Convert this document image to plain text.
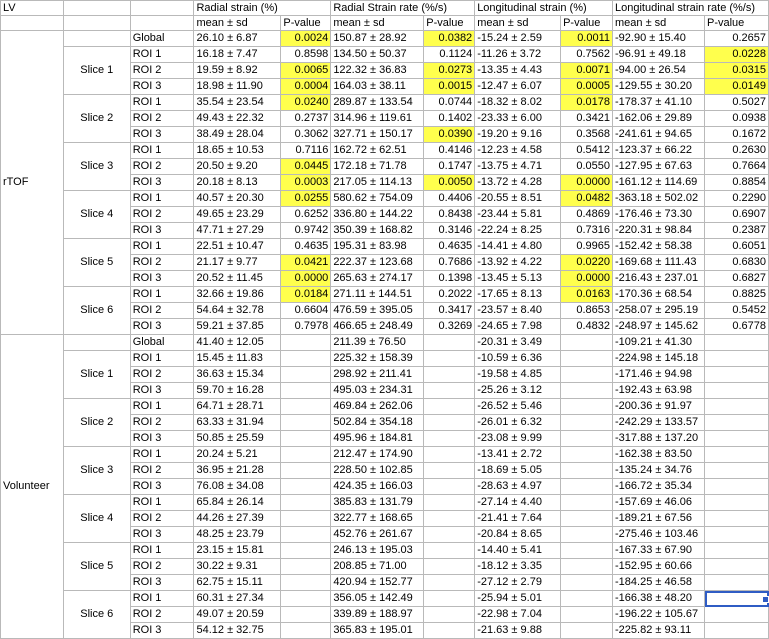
LV			Radial strain (%)		Radial Strain rate (%/s)		Longitudinal strain (%)		Longitudinal strain rate (%/s)	
			mean ± sd	P-value	mean ± sd	P-value	mean ± sd	P-value	mean ± sd	P-value
rTOF		Global	26.10 ± 6.87	0.0024	150.87 ± 28.92	0.0382	-15.24 ± 2.59	0.0011	-92.90 ± 15.40	0.2657
	Slice 1	ROI 1	16.18 ± 7.47	0.8598	134.50 ± 50.37	0.1124	-11.26 ± 3.72	0.7562	-96.91 ± 49.18	0.0228
		ROI 2	19.59 ± 8.92	0.0065	122.32 ± 36.83	0.0273	-13.35 ± 4.43	0.0071	-94.00 ± 26.54	0.0315
		ROI 3	18.98 ± 11.90	0.0004	164.03 ± 38.11	0.0015	-12.47 ± 6.07	0.0005	-129.55 ± 30.20	0.0149
	Slice 2	ROI 1	35.54 ± 23.54	0.0240	289.87 ± 133.54	0.0744	-18.32 ± 8.02	0.0178	-178.37 ± 41.10	0.5027
		ROI 2	49.43 ± 22.32	0.2737	314.96 ± 119.61	0.1402	-23.33 ± 6.00	0.3421	-162.06 ± 29.89	0.0938
		ROI 3	38.49 ± 28.04	0.3062	327.71 ± 150.17	0.0390	-19.20 ± 9.16	0.3568	-241.61 ± 94.65	0.1672
	Slice 3	ROI 1	18.65 ± 10.53	0.7116	162.72 ± 62.51	0.4146	-12.23 ± 4.58	0.5412	-123.37 ± 66.22	0.2630
		ROI 2	20.50 ± 9.20	0.0445	172.18 ± 71.78	0.1747	-13.75 ± 4.71	0.0550	-127.95 ± 67.63	0.7664
		ROI 3	20.18 ± 8.13	0.0003	217.05 ± 114.13	0.0050	-13.72 ± 4.28	0.0000	-161.12 ± 114.69	0.8854
	Slice 4	ROI 1	40.57 ± 20.30	0.0255	580.62 ± 754.09	0.4406	-20.55 ± 8.51	0.0482	-363.18 ± 502.02	0.2290
		ROI 2	49.65 ± 23.29	0.6252	336.80 ± 144.22	0.8438	-23.44 ± 5.81	0.4869	-176.46 ± 73.30	0.6907
		ROI 3	47.71 ± 27.29	0.9742	350.39 ± 168.82	0.3146	-22.24 ± 8.25	0.7316	-220.31 ± 98.84	0.2387
	Slice 5	ROI 1	22.51 ± 10.47	0.4635	195.31 ± 83.98	0.4635	-14.41 ± 4.80	0.9965	-152.42 ± 58.38	0.6051
		ROI 2	21.17 ± 9.77	0.0421	222.37 ± 123.68	0.7686	-13.92 ± 4.22	0.0220	-169.68 ± 111.43	0.6830
		ROI 3	20.52 ± 11.45	0.0000	265.63 ± 274.17	0.1398	-13.45 ± 5.13	0.0000	-216.43 ± 237.01	0.6827
	Slice 6	ROI 1	32.66 ± 19.86	0.0184	271.11 ± 144.51	0.2022	-17.65 ± 8.13	0.0163	-170.36 ± 68.54	0.8825
		ROI 2	54.64 ± 32.78	0.6604	476.59 ± 395.05	0.3417	-23.57 ± 8.40	0.8653	-258.07 ± 295.19	0.5452
		ROI 3	59.21 ± 37.85	0.7978	466.65 ± 248.49	0.3269	-24.65 ± 7.98	0.4832	-248.97 ± 145.62	0.6778
Volunteer		Global	41.40 ± 12.05		211.39 ± 76.50		-20.31 ± 3.49		-109.21 ± 41.30	
	Slice 1	ROI 1	15.45 ± 11.83		225.32 ± 158.39		-10.59 ± 6.36		-224.98 ± 145.18	
		ROI 2	36.63 ± 15.34		298.92 ± 211.41		-19.58 ± 4.85		-171.46 ± 94.98	
		ROI 3	59.70 ± 16.28		495.03 ± 234.31		-25.26 ± 3.12		-192.43 ± 63.98	
	Slice 2	ROI 1	64.71 ± 28.71		469.84 ± 262.06		-26.52 ± 5.46		-200.36 ± 91.97	
		ROI 2	63.33 ± 31.94		502.84 ± 354.18		-26.01 ± 6.32		-242.29 ± 133.57	
		ROI 3	50.85 ± 25.59		495.96 ± 184.81		-23.08 ± 9.99		-317.88 ± 137.20	
	Slice 3	ROI 1	20.24 ± 5.21		212.47 ± 174.90		-13.41 ± 2.72		-162.38 ± 83.50	
		ROI 2	36.95 ± 21.28		228.50 ± 102.85		-18.69 ± 5.05		-135.24 ± 34.76	
		ROI 3	76.08 ± 34.08		424.35 ± 166.03		-28.63 ± 4.97		-166.72 ± 35.34	
	Slice 4	ROI 1	65.84 ± 26.14		385.83 ± 131.79		-27.14 ± 4.40		-157.69 ± 46.06	
		ROI 2	44.26 ± 27.39		322.77 ± 168.65		-21.41 ± 7.64		-189.21 ± 67.56	
		ROI 3	48.25 ± 23.79		452.76 ± 261.67		-20.84 ± 8.65		-275.46 ± 103.46	
	Slice 5	ROI 1	23.15 ± 15.81		246.13 ± 195.03		-14.40 ± 5.41		-167.33 ± 67.90	
		ROI 2	30.22 ± 9.31		208.85 ± 71.00		-18.12 ± 3.35		-152.95 ± 60.66	
		ROI 3	62.75 ± 15.11		420.94 ± 152.77		-27.12 ± 2.79		-184.25 ± 46.58	
	Slice 6	ROI 1	60.31 ± 27.34		356.05 ± 142.49		-25.94 ± 5.01		-166.38 ± 48.20	
		ROI 2	49.07 ± 20.59		339.89 ± 188.97		-22.98 ± 7.04		-196.22 ± 105.67	
		ROI 3	54.12 ± 32.75		365.83 ± 195.01		-21.63 ± 9.88		-225.82 ± 93.11	
